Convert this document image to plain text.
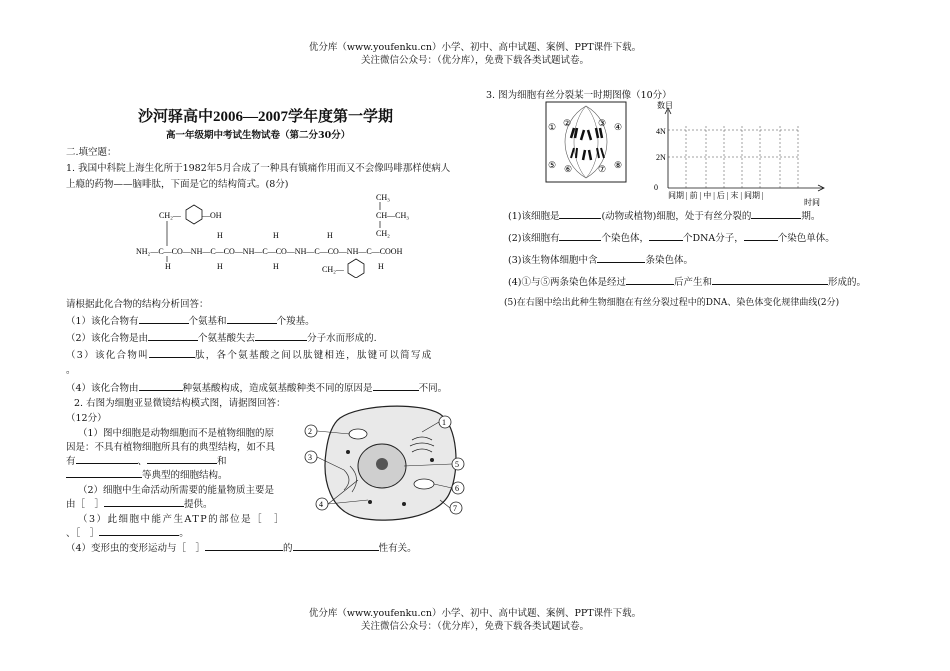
优分库（www.youfenku.cn）小学、初中、高中试题、案例、PPT课件下载。
关注微信公众号：（优分库），免费下载各类试题试卷。
沙河驿高中2006—2007学年度第一学期
高一年级期中考试生物试卷（第二分30分）
二.填空题：
1. 我国中科院上海生化所于1982年5月合成了一种具有镇痛作用而又不会像吗啡那样使病人
上瘾的药物——脑啡肽，下面是它的结构简式。(8分)
NH₂—C—CO—NH—C—CO—NH—C—CO—NH—C—CO—NH—C—COOH
CH₂—	—OH
H
H
H
H
H
H
CH₂—
CH₃
CH—CH₃
CH₂
H
请根据此化合物的结构分析回答：
（1）该化合物有	个氨基和	个羧基。
（2）该化合物是由	个氨基酸失去	分子水而形成的.
（3）该化合物叫	肽，各个氨基酸之间以肽键相连，肽键可以简写成
。
（4）该化合物由	种氨基酸构成，造成氨基酸种类不同的原因是	不同。
2. 右图为细胞亚显微镜结构模式图，请据图回答：
（12分）
（1）图中细胞是动物细胞而不是植物细胞的原
因是：不具有植物细胞所具有的典型结构，如不具
有	、	和
等典型的细胞结构。
（2）细胞中生命活动所需要的能量物质主要是
由［　］	提供。
（3）此细胞中能产生ATP的部位是［　］
、［　］	。
（4）变形虫的变形运动与［　］	的	性有关。
1
2
3
4
5
6
7
3. 图为细胞有丝分裂某一时期图像（10分）
① ②	③ ④
⑤ ⑥	⑦ ⑧
数目
4N
2N
0
间期 | 前 | 中 | 后 | 末 | 间期 |
时间
(1)该细胞是	(动物或植物)细胞，处于有丝分裂的	期。
(2)该细胞有	个染色体，	个DNA分子，	个染色单体。
(3)该生物体细胞中含	条染色体。
(4)①与⑤两条染色体是经过	后产生和	形成的。
(5)在右图中绘出此种生物细胞在有丝分裂过程中的DNA、染色体变化规律曲线(2分)
优分库（www.youfenku.cn）小学、初中、高中试题、案例、PPT课件下载。
关注微信公众号：（优分库），免费下载各类试题试卷。
